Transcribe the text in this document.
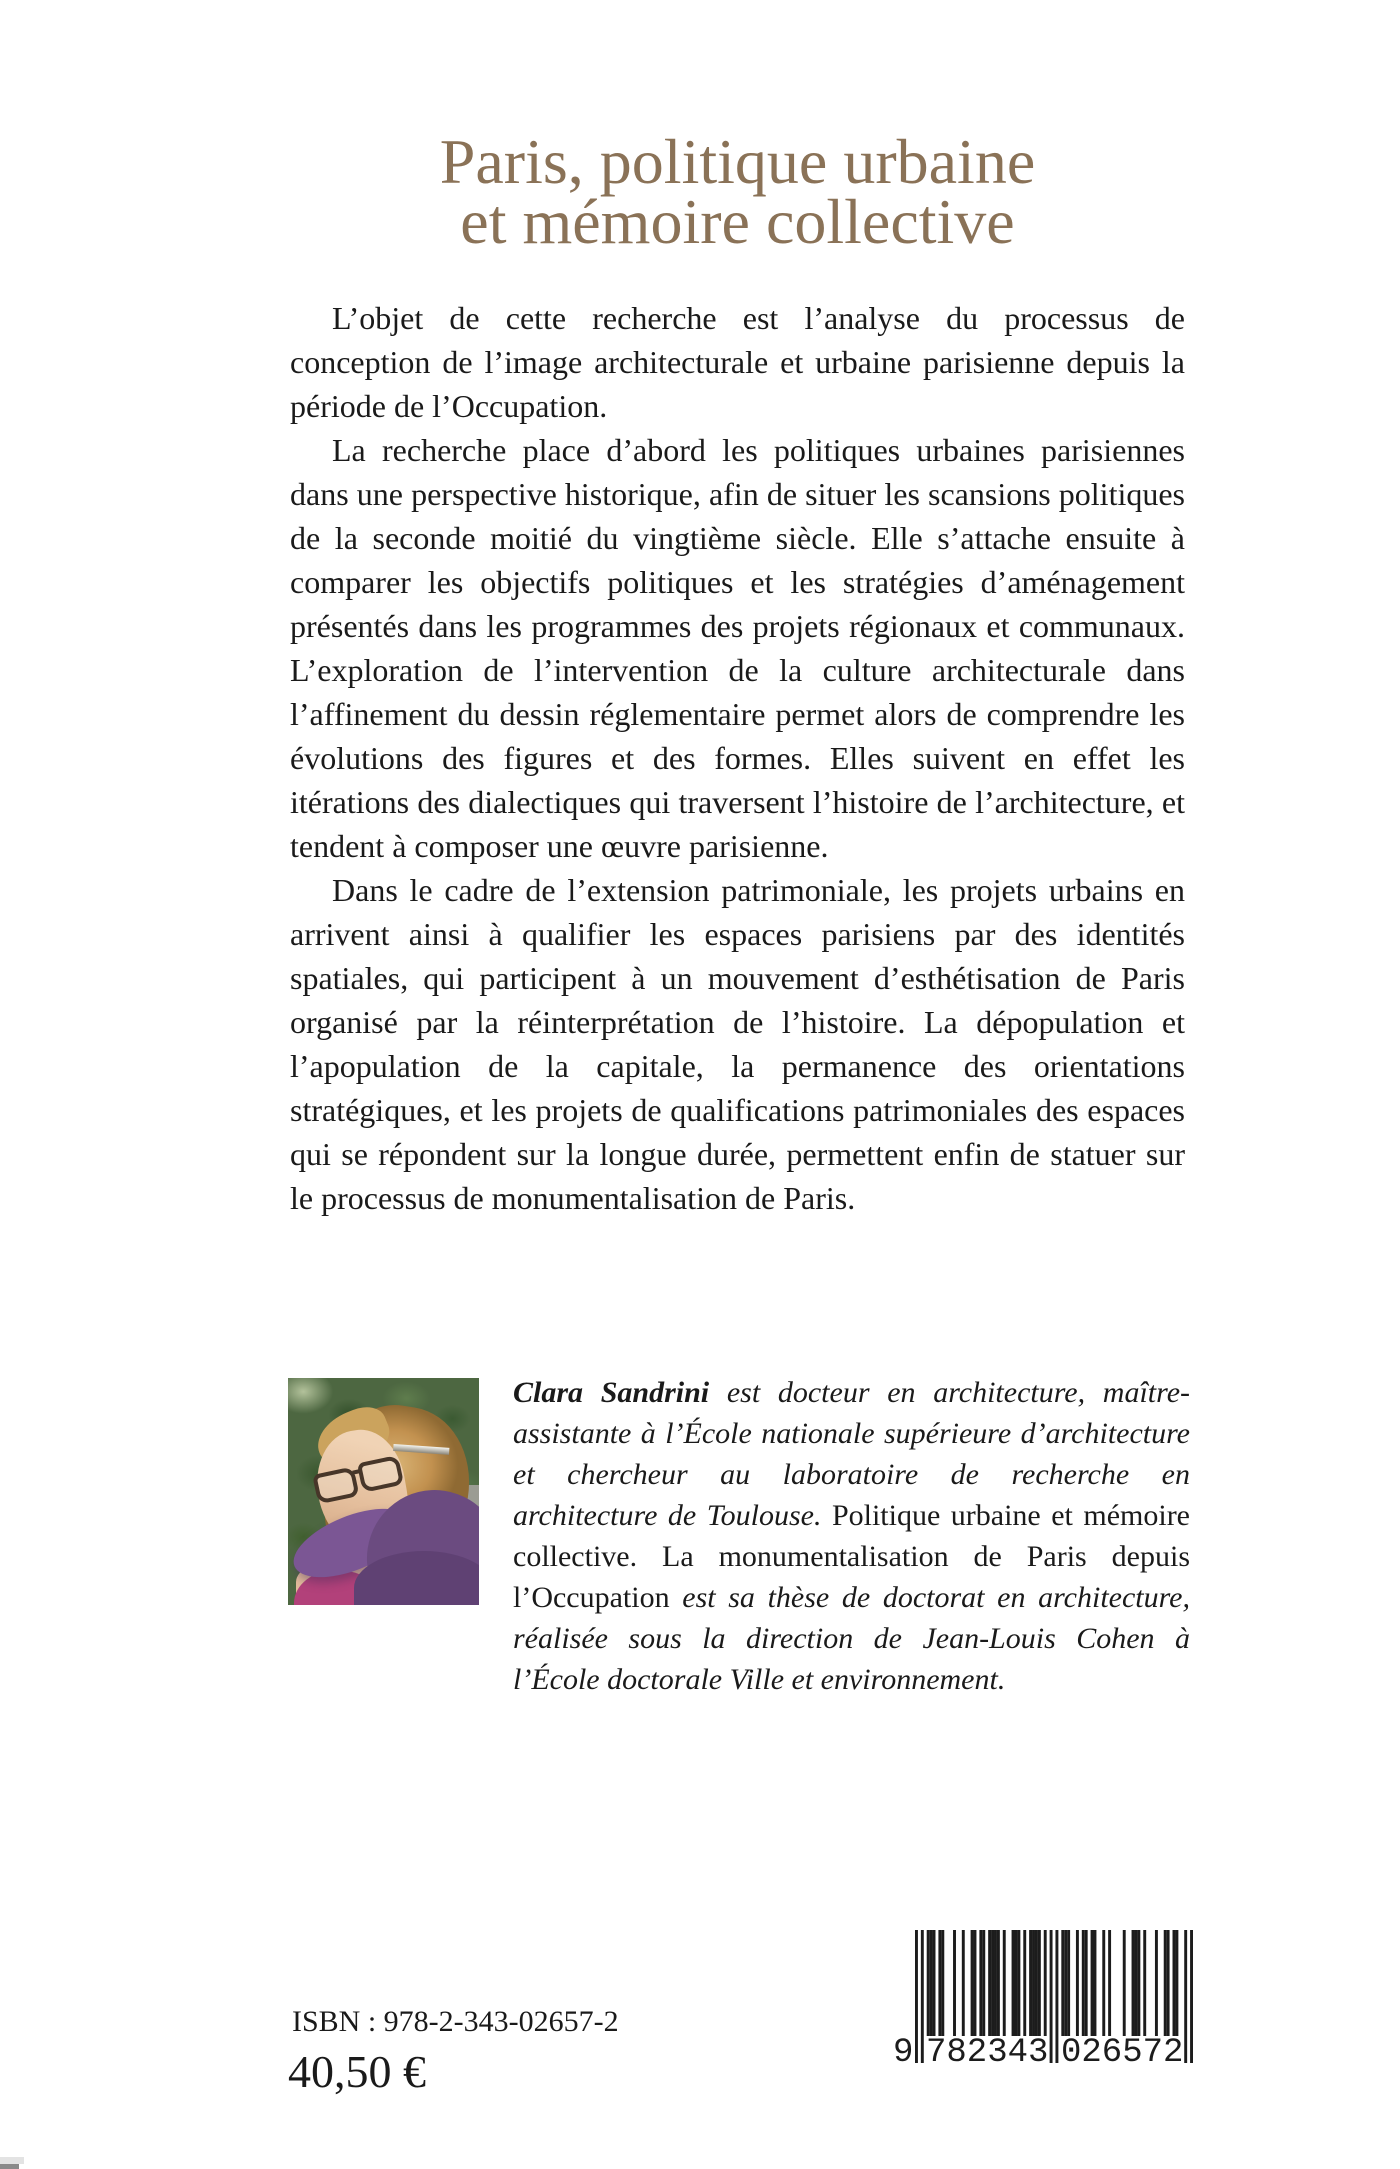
Paris, politique urbaine
et mémoire collective

L’objet de cette recherche est l’analyse du processus de conception de l’image architecturale et urbaine parisienne depuis la période de l’Occupation.

La recherche place d’abord les politiques urbaines parisiennes dans une perspective historique, afin de situer les scansions politiques de la seconde moitié du vingtième siècle. Elle s’attache ensuite à comparer les objectifs politiques et les stratégies d’aménagement présentés dans les programmes des projets régionaux et communaux. L’exploration de l’intervention de la culture architecturale dans l’affinement du dessin réglementaire permet alors de comprendre les évolutions des figures et des formes. Elles suivent en effet les itérations des dialectiques qui traversent l’histoire de l’architecture, et tendent à composer une œuvre parisienne.

Dans le cadre de l’extension patrimoniale, les projets urbains en arrivent ainsi à qualifier les espaces parisiens par des identités spatiales, qui participent à un mouvement d’esthétisation de Paris organisé par la réinterprétation de l’histoire. La dépopulation et l’apopulation de la capitale, la permanence des orientations stratégiques, et les projets de qualifications patrimoniales des espaces qui se répondent sur la longue durée, permettent enfin de statuer sur le processus de monumentalisation de Paris.

Clara Sandrini est docteur en architecture, maître-assistante à l’École nationale supérieure d’architecture et chercheur au laboratoire de recherche en architecture de Toulouse. Politique urbaine et mémoire collective. La monumentalisation de Paris depuis l’Occupation est sa thèse de doctorat en architecture, réalisée sous la direction de Jean-Louis Cohen à l’École doctorale Ville et environnement.

ISBN : 978-2-343-02657-2
40,50 €	9 782343 026572
